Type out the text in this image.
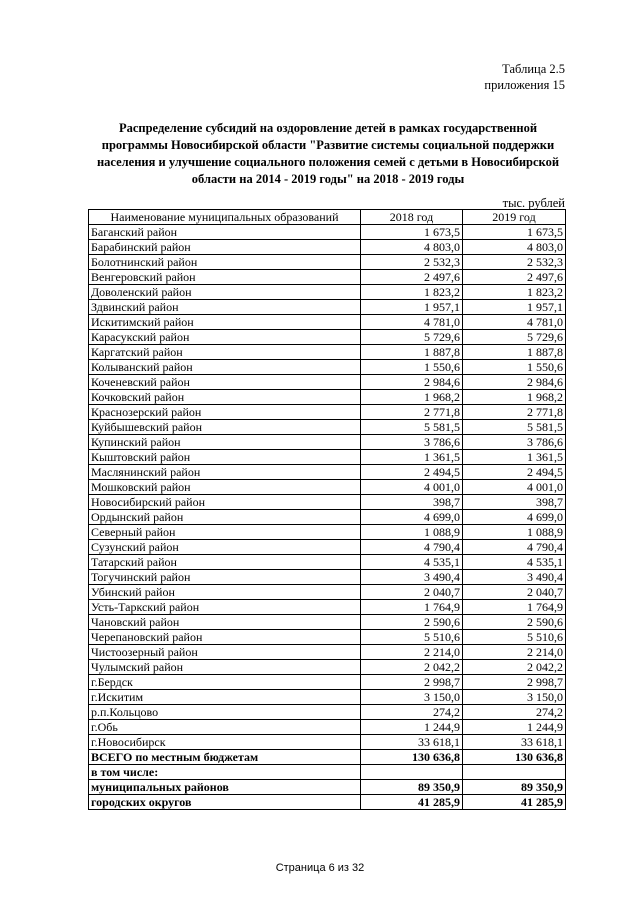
Таблица 2.5
приложения 15
Распределение субсидий на оздоровление детей в рамках государственной программы Новосибирской области "Развитие системы социальной поддержки населения и улучшение социального положения семей с детьми в Новосибирской области на 2014 - 2019 годы" на 2018 - 2019 годы
тыс. рублей
Наименование муниципальных образований	2018 год	2019 год
Баганский район	1 673,5	1 673,5
Барабинский район	4 803,0	4 803,0
Болотнинский район	2 532,3	2 532,3
Венгеровский район	2 497,6	2 497,6
Доволенский район	1 823,2	1 823,2
Здвинский район	1 957,1	1 957,1
Искитимский район	4 781,0	4 781,0
Карасукский район	5 729,6	5 729,6
Каргатский район	1 887,8	1 887,8
Колыванский район	1 550,6	1 550,6
Коченевский район	2 984,6	2 984,6
Кочковский район	1 968,2	1 968,2
Краснозерский район	2 771,8	2 771,8
Куйбышевский район	5 581,5	5 581,5
Купинский район	3 786,6	3 786,6
Кыштовский район	1 361,5	1 361,5
Маслянинский район	2 494,5	2 494,5
Мошковский район	4 001,0	4 001,0
Новосибирский район	398,7	398,7
Ордынский район	4 699,0	4 699,0
Северный район	1 088,9	1 088,9
Сузунский район	4 790,4	4 790,4
Татарский район	4 535,1	4 535,1
Тогучинский район	3 490,4	3 490,4
Убинский район	2 040,7	2 040,7
Усть-Таркский район	1 764,9	1 764,9
Чановский район	2 590,6	2 590,6
Черепановский район	5 510,6	5 510,6
Чистоозерный район	2 214,0	2 214,0
Чулымский район	2 042,2	2 042,2
г.Бердск	2 998,7	2 998,7
г.Искитим	3 150,0	3 150,0
р.п.Кольцово	274,2	274,2
г.Обь	1 244,9	1 244,9
г.Новосибирск	33 618,1	33 618,1
ВСЕГО по местным бюджетам	130 636,8	130 636,8
в том числе:		
муниципальных районов	89 350,9	89 350,9
городских округов	41 285,9	41 285,9
Страница 6 из 32
